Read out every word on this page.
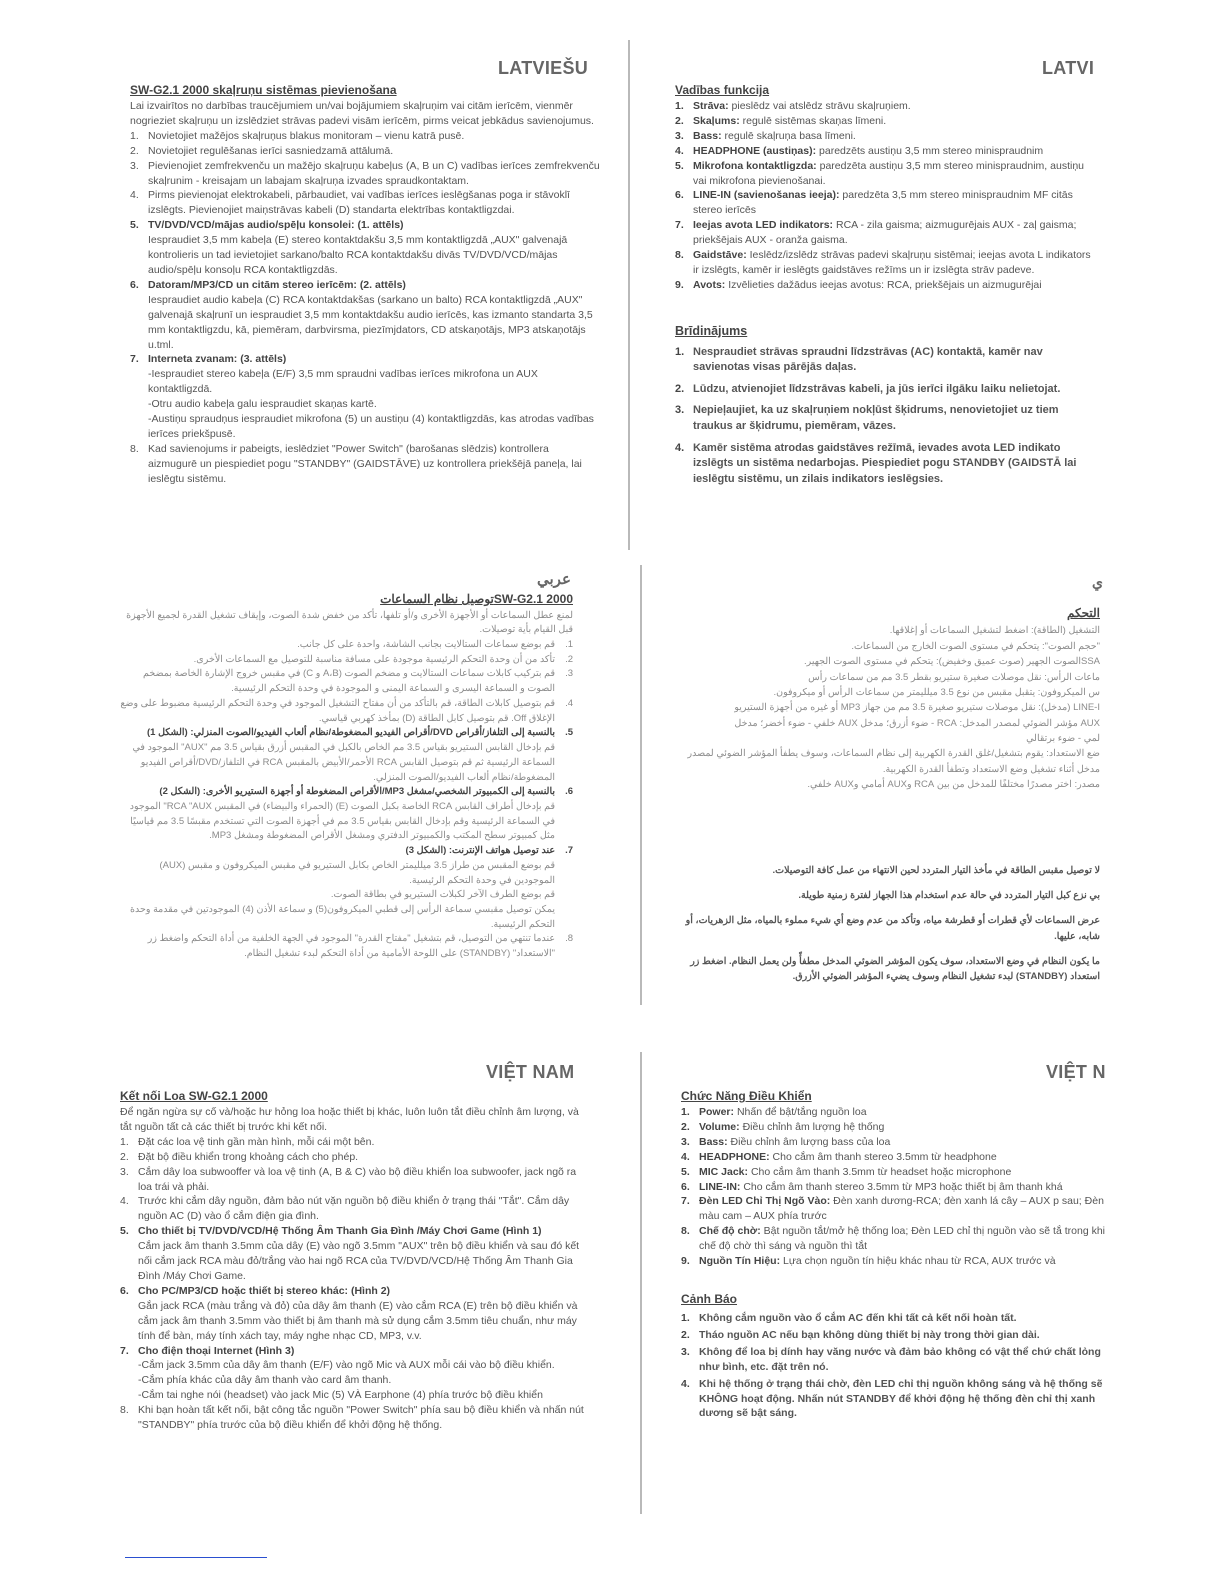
LATVIEŠU

SW-G2.1 2000 skaļruņu sistēmas pievienošana

Lai izvairītos no darbības traucējumiem un/vai bojājumiem skaļruņim vai citām ierīcēm, vienmēr nogrieziet skaļruņu un izslēdziet strāvas padevi visām ierīcēm, pirms veicat jebkādus savienojumus.

1. Novietojiet mažējos skaļruņus blakus monitoram – vienu katrā pusē.
2. Novietojiet regulēšanas ierīci sasniedzamā attālumā.
3. Pievienojiet zemfrekvenču un mažējo skaļruņu kabeļus (A, B un C) vadības ierīces zemfrekvenču skaļrunim - kreisajam un labajam skaļruņa izvades spraudkontaktam.
4. Pirms pievienojat elektrokabeli, pārbaudiet, vai vadības ierīces ieslēgšanas poga ir stāvoklī izslēgts. Pievienojiet maiņstrāvas kabeli (D) standarta elektrības kontaktligzdai.
5. TV/DVD/VCD/mājas audio/spēļu konsolei: (1. attēls)
Iespraudiet 3,5 mm kabeļa (E) stereo kontaktdakšu 3,5 mm kontaktligzdā „AUX" galvenajā kontrolieris un tad ievietojiet sarkano/balto RCA kontaktdakšu divās TV/DVD/VCD/mājas audio/spēļu konsoļu RCA kontaktligzdās.
6. Datoram/MP3/CD un citām stereo ierīcēm: (2. attēls)
Iespraudiet audio kabeļa (C) RCA kontaktdakšas (sarkano un balto) RCA kontaktligzdā „AUX" galvenajā skaļrunī un iespraudiet 3,5 mm kontaktdakšu audio ierīcēs, kas izmanto standarta 3,5 mm kontaktligzdu, kā, piemēram, darbvirsma, piezīmjdators, CD atskaņotājs, MP3 atskaņotājs u.tml.
7. Interneta zvanam: (3. attēls)
-Iespraudiet stereo kabeļa (E/F) 3,5 mm spraudni vadības ierīces mikrofona un AUX kontaktligzdā.
-Otru audio kabeļa galu iespraudiet skaņas kartē.
-Austiņu spraudņus iespraudiet mikrofona (5) un austiņu (4) kontaktligzdās, kas atrodas vadības ierīces priekšpusē.
8. Kad savienojums ir pabeigts, ieslēdziet "Power Switch" (barošanas slēdzis) kontrollera aizmugurē un piespiediet pogu "STANDBY" (GAIDSTĀVE) uz kontrollera priekšējā paneļa, lai ieslēgtu sistēmu.
LATVI

Vadības funkcija

1. Strāva: pieslēdz vai atslēdz strāvu skaļruņiem.
2. Skaļums: regulē sistēmas skaņas līmeni.
3. Bass: regulē skaļruņa basa līmeni.
4. HEADPHONE (austiņas): paredzēts austiņu 3,5 mm stereo minispraudnim
5. Mikrofona kontaktligzda: paredzēta austiņu 3,5 mm stereo minispraudnim, austiņu vai mikrofona pievienošanai.
6. LINE-IN (savienošanas ieeja): paredzēta 3,5 mm stereo minispraudnim MF citās stereo ierīcēs
7. Ieejas avota LED indikators: RCA - zila gaisma; aizmugurējais AUX - zaļ gaisma; priekšējais AUX - oranža gaisma.
8. Gaidstāve: Ieslēdz/izslēdz strāvas padevi skaļruņu sistēmai; ieejas avota L indikators ir izslēgts, kamēr ir ieslēgts gaidstāves režīms un ir izslēgta strāv padeve.
9. Avots: Izvēlieties dažādus ieejas avotus: RCA, priekšējais un aizmugurējai

Brīdinājums

1. Nespraudiet strāvas spraudni līdzstrāvas (AC) kontaktā, kamēr nav savienotas visas pārējās daļas.
2. Lūdzu, atvienojiet līdzstrāvas kabeli, ja jūs ierīci ilgāku laiku nelietojat.
3. Nepieļaujiet, ka uz skaļruņiem nokļūst šķidrums, nenovietojiet uz tiem traukus ar šķidrumu, piemēram, vāzes.
4. Kamēr sistēma atrodas gaidstāves režīmā, ievades avota LED indikato izslēgts un sistēma nedarbojas. Piespiediet pogu STANDBY (GAIDSTĀ lai ieslēgtu sistēmu, un zilais indikators ieslēgsies.
عربي

SW-G2.1 2000توصيل نظام السماعات

لمنع عطل السماعات أو الأجهزة الأخرى و/أو تلفها، تأكد من خفض شدة الصوت، وإيقاف تشغيل القدرة لجميع الأجهزة قبل القيام بأية توصيلات.

1.
قم بوضع سماعات الستالايت بجانب الشاشة، واحدة على كل جانب.
2.
تأكد من أن وحدة التحكم الرئيسية موجودة على مسافة مناسبة للتوصيل مع السماعات الأخرى.
3.
قم بتركيب كابلات سماعات الستالايت و مضخم الصوت (A،B و C) في مقبس خروج الإشارة الخاصة بمضخم الصوت و السماعة اليسرى و السماعة اليمنى و الموجودة في وحدة التحكم الرئيسية.
4.
قم بتوصيل كابلات الطاقة، قم بالتأكد من أن مفتاح التشغيل الموجود في وحدة التحكم الرئيسية مضبوط على وضع الإغلاق Off. قم بتوصيل كابل الطاقة (D) بمأخذ كهربي قياسي.
5.
بالنسبة إلى التلفاز/أقراص DVD/أقراص الفيديو المضغوطة/نظام ألعاب الفيديو/الصوت المنزلي: (الشكل 1)
قم بإدخال القابس الستيريو بقياس 3.5 مم الخاص بالكبل في المقبس أزرق بقياس 3.5 مم "AUX" الموجود في السماعة الرئيسية ثم قم بتوصيل القابس RCA الأحمر/الأبيض بالمقبس RCA في التلفاز/DVD/أقراص الفيديو المضغوطة/نظام ألعاب الفيديو/الصوت المنزلي.
6.
بالنسبة إلى الكمبيوتر الشخصي/مشغل MP3/الأقراص المضغوطة أو أجهزة الستيريو الأخرى: (الشكل 2)
قم بإدخال أطراف القابس RCA الخاصة بكبل الصوت (E) (الحمراء والبيضاء) في المقبس RCA "AUX" الموجود في السماعة الرئيسية وقم بإدخال القابس بقياس 3.5 مم في أجهزة الصوت التي تستخدم مقبسًا 3.5 مم قياسيًا مثل كمبيوتر سطح المكتب والكمبيوتر الدفتري ومشغل الأقراص المضغوطة ومشغل MP3.
7.
عند توصيل هواتف الإنترنت: (الشكل 3)
قم بوضع المقبس من طراز 3.5 ميلليمتر الخاص بكابل الستيريو في مقبس الميكروفون و مقبس (AUX) الموجودين في وحدة التحكم الرئيسية.
قم بوضع الطرف الآخر لكبلات الستيريو في بطاقة الصوت.
يمكن توصيل مقبسي سماعة الرأس إلى قطبي الميكروفون(5) و سماعة الأذن (4) الموجودتين في مقدمة وحدة التحكم الرئيسية.
8.
عندما تنتهي من التوصيل، قم بتشغيل "مفتاح القدرة" الموجود في الجهة الخلفية من أداة التحكم واضغط زر "الاستعداد" (STANDBY) على اللوحة الأمامية من أداة التحكم لبدء تشغيل النظام.
ي

التحكم

التشغيل (الطاقة): اضغط لتشغيل السماعات أو إغلاقها.
"حجم الصوت": يتحكم في مستوى الصوت الخارج من السماعات.
SSAالصوت الجهير (صوت عميق وخفيض): يتحكم في مستوى الصوت الجهير.
ماعات الرأس: نقل موصلات صغيرة ستيريو بقطر 3.5 مم من سماعات رأس
س الميكروفون: يتقبل مقبس من نوع 3.5 ميلليمتر من سماعات الرأس أو ميكروفون.
LINE-I (مدخل): نقل موصلات ستيريو صغيرة 3.5 مم من جهاز MP3 أو غيره من أجهزة الستيريو
AUX مؤشر الضوئي لمصدر المدخل: RCA - ضوء أزرق؛ مدخل AUX خلفي - ضوء أخضر؛ مدخل
لمي - ضوء برتقالي
ضع الاستعداد: يقوم بتشغيل/غلق القدرة الكهربية إلى نظام السماعات، وسوف يطفأ المؤشر الضوئي لمصدر
مدخل أثناء تشغيل وضع الاستعداد وتطفأ القدرة الكهربية.
مصدر: اختر مصدرًا مختلفًا للمدخل من بين RCA وAUX أمامي وAUX خلفي.
لا توصيل مقبس الطاقة في مأخذ التيار المتردد لحين الانتهاء من عمل كافة التوصيلات.
بي نزع كبل التيار المتردد في حالة عدم استخدام هذا الجهاز لفترة زمنية طويلة.
عرض السماعات لأي قطرات أو قطرشة مياه، وتأكد من عدم وضع أي شيء مملوء بالمياه، مثل الزهريات، أو شابه، عليها.
ما يكون النظام في وضع الاستعداد، سوف يكون المؤشر الضوئي المدخل مطفأً ولن يعمل النظام. اضغط زر استعداد (STANDBY) لبدء تشغيل النظام وسوف يضيء المؤشر الضوئي الأزرق.
VIỆT NAM

Kết nối Loa SW-G2.1 2000

Để ngăn ngừa sự cố và/hoặc hư hỏng loa hoặc thiết bị khác, luôn luôn tắt điều chỉnh âm lượng, và tắt nguồn tất cả các thiết bị trước khi kết nối.

1. Đặt các loa vệ tinh gần màn hình, mỗi cái một bên.
2. Đặt bộ điều khiển trong khoảng cách cho phép.
3. Cắm dây loa subwooffer và loa vệ tinh (A, B & C) vào bộ điều khiển loa subwoofer, jack ngõ ra loa trái và phải.
4. Trước khi cắm dây nguồn, đảm bảo nút vặn nguồn bộ điều khiển ở trạng thái "Tắt". Cắm dây nguồn AC (D) vào ổ cắm điện gia đình.
5. Cho thiết bị TV/DVD/VCD/Hệ Thống Âm Thanh Gia Đình /Máy Chơi Game (Hình 1)
Cắm jack âm thanh 3.5mm của dây (E) vào ngõ 3.5mm "AUX" trên bộ điều khiển và sau đó kết nối cắm jack RCA màu đỏ/trắng vào hai ngõ RCA của TV/DVD/VCD/Hệ Thống Âm Thanh Gia Đình /Máy Chơi Game.
6. Cho PC/MP3/CD hoặc thiết bị stereo khác: (Hình 2)
Gắn jack RCA (màu trắng và đỏ) của dây âm thanh (E) vào cắm RCA (E) trên bộ điều khiển và cắm jack âm thanh 3.5mm vào thiết bị âm thanh mà sử dụng cắm 3.5mm tiêu chuẩn, như máy tính để bàn, máy tính xách tay, máy nghe nhạc CD, MP3, v.v.
7. Cho điện thoại Internet (Hình 3)
-Cắm jack 3.5mm của dây âm thanh (E/F) vào ngõ Mic và AUX mỗi cái vào bộ điều khiển.
-Cắm phía khác của dây âm thanh vào card âm thanh.
-Cắm tai nghe nói (headset) vào jack Mic (5) VÀ Earphone (4) phía trước bộ điều khiển
8. Khi bạn hoàn tất kết nối, bật công tắc nguồn "Power Switch" phía sau bộ điều khiển và nhấn nút "STANDBY" phía trước của bộ điều khiển để khởi động hệ thống.
VIỆT N

Chức Năng Điều Khiển

1. Power: Nhấn để bật/tắng nguồn loa
2. Volume: Điều chỉnh âm lượng hệ thống
3. Bass: Điều chỉnh âm lượng bass của loa
4. HEADPHONE: Cho cắm âm thanh stereo 3.5mm từ headphone
5. MIC Jack: Cho cắm âm thanh 3.5mm từ headset hoặc microphone
6. LINE-IN: Cho cắm âm thanh stereo 3.5mm từ MP3 hoặc thiết bị âm thanh khá
7. Đèn LED Chỉ Thị Ngõ Vào: Đèn xanh dương-RCA; đèn xanh lá cây – AUX p sau; Đèn màu cam – AUX phía trước
8. Chế độ chờ: Bật nguồn tắt/mở hệ thống loa; Đèn LED chỉ thị nguồn vào sẽ tắ trong khi chế độ chờ thì sáng và nguồn thì tắt
9. Nguồn Tín Hiệu: Lựa chọn nguồn tín hiệu khác nhau từ RCA, AUX trước và

Cảnh Báo

1. Không cắm nguồn vào ổ cắm AC đến khi tất cả kết nối hoàn tất.
2. Tháo nguồn AC nếu bạn không dùng thiết bị này trong thời gian dài.
3. Không để loa bị dính hay văng nước và đảm bảo không có vật thể chứ chất lỏng như bình, etc. đặt trên nó.
4. Khi hệ thống ở trạng thái chờ, đèn LED chỉ thị nguồn không sáng và hệ thống sẽ KHÔNG hoạt động. Nhấn nút STANDBY để khởi động hệ thống đèn chỉ thị xanh dương sẽ bật sáng.
